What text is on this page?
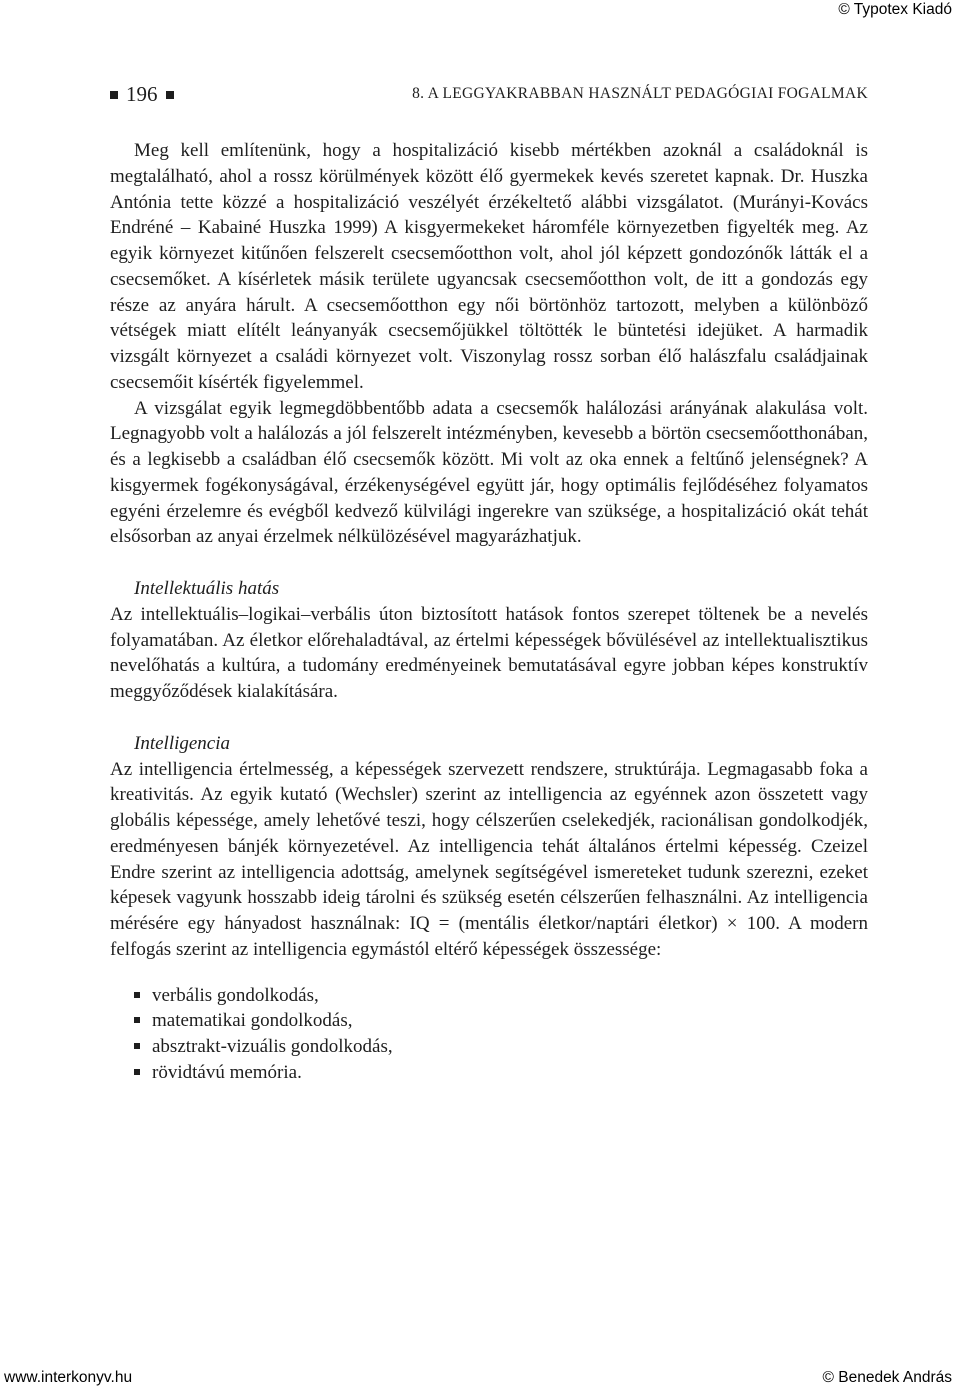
© Typotex Kiadó
196	8. A LEGGYAKRABBAN HASZNÁLT PEDAGÓGIAI FOGALMAK

Meg kell említenünk, hogy a hospitalizáció kisebb mértékben azoknál a családoknál is megtalálható, ahol a rossz körülmények között élő gyermekek kevés szeretet kapnak. Dr. Huszka Antónia tette közzé a hospitalizáció veszélyét érzékeltető alábbi vizsgálatot. (Murányi-Kovács Endréné – Kabainé Huszka 1999) A kisgyermekeket háromféle környezetben figyelték meg. Az egyik környezet kitűnően felszerelt csecsemőotthon volt, ahol jól képzett gondozónők látták el a csecsemőket. A kísérletek másik területe ugyancsak csecsemőotthon volt, de itt a gondozás egy része az anyára hárult. A csecsemőotthon egy női börtönhöz tartozott, melyben a különböző vétségek miatt elítélt leányanyák csecsemőjükkel töltötték le büntetési idejüket. A harmadik vizsgált környezet a családi környezet volt. Viszonylag rossz sorban élő halászfalu családjainak csecsemőit kísérték figyelemmel.

A vizsgálat egyik legmegdöbbentőbb adata a csecsemők halálozási arányának alakulása volt. Legnagyobb volt a halálozás a jól felszerelt intézményben, kevesebb a börtön csecsemőotthonában, és a legkisebb a családban élő csecsemők között. Mi volt az oka ennek a feltűnő jelenségnek? A kisgyermek fogékonyságával, érzékenységével együtt jár, hogy optimális fejlődéséhez folyamatos egyéni érzelemre és evégből kedvező külvilági ingerekre van szüksége, a hospitalizáció okát tehát elsősorban az anyai érzelmek nélkülözésével magyarázhatjuk.

Intellektuális hatás

Az intellektuális–logikai–verbális úton biztosított hatások fontos szerepet töltenek be a nevelés folyamatában. Az életkor előrehaladtával, az értelmi képességek bővülésével az intellektualisztikus nevelőhatás a kultúra, a tudomány eredményeinek bemutatásával egyre jobban képes konstruktív meggyőződések kialakítására.

Intelligencia

Az intelligencia értelmesség, a képességek szervezett rendszere, struktúrája. Legmagasabb foka a kreativitás. Az egyik kutató (Wechsler) szerint az intelligencia az egyénnek azon összetett vagy globális képessége, amely lehetővé teszi, hogy célszerűen cselekedjék, racionálisan gondolkodjék, eredményesen bánjék környezetével. Az intelligencia tehát általános értelmi képesség. Czeizel Endre szerint az intelligencia adottság, amelynek segítségével ismereteket tudunk szerezni, ezeket képesek vagyunk hosszabb ideig tárolni és szükség esetén célszerűen felhasználni. Az intelligencia mérésére egy hányadost használnak: IQ = (mentális életkor/naptári életkor) × 100. A modern felfogás szerint az intelligencia egymástól eltérő képességek összessége:

verbális gondolkodás,
matematikai gondolkodás,
absztrakt-vizuális gondolkodás,
rövidtávú memória.
www.interkonyv.hu	© Benedek András
